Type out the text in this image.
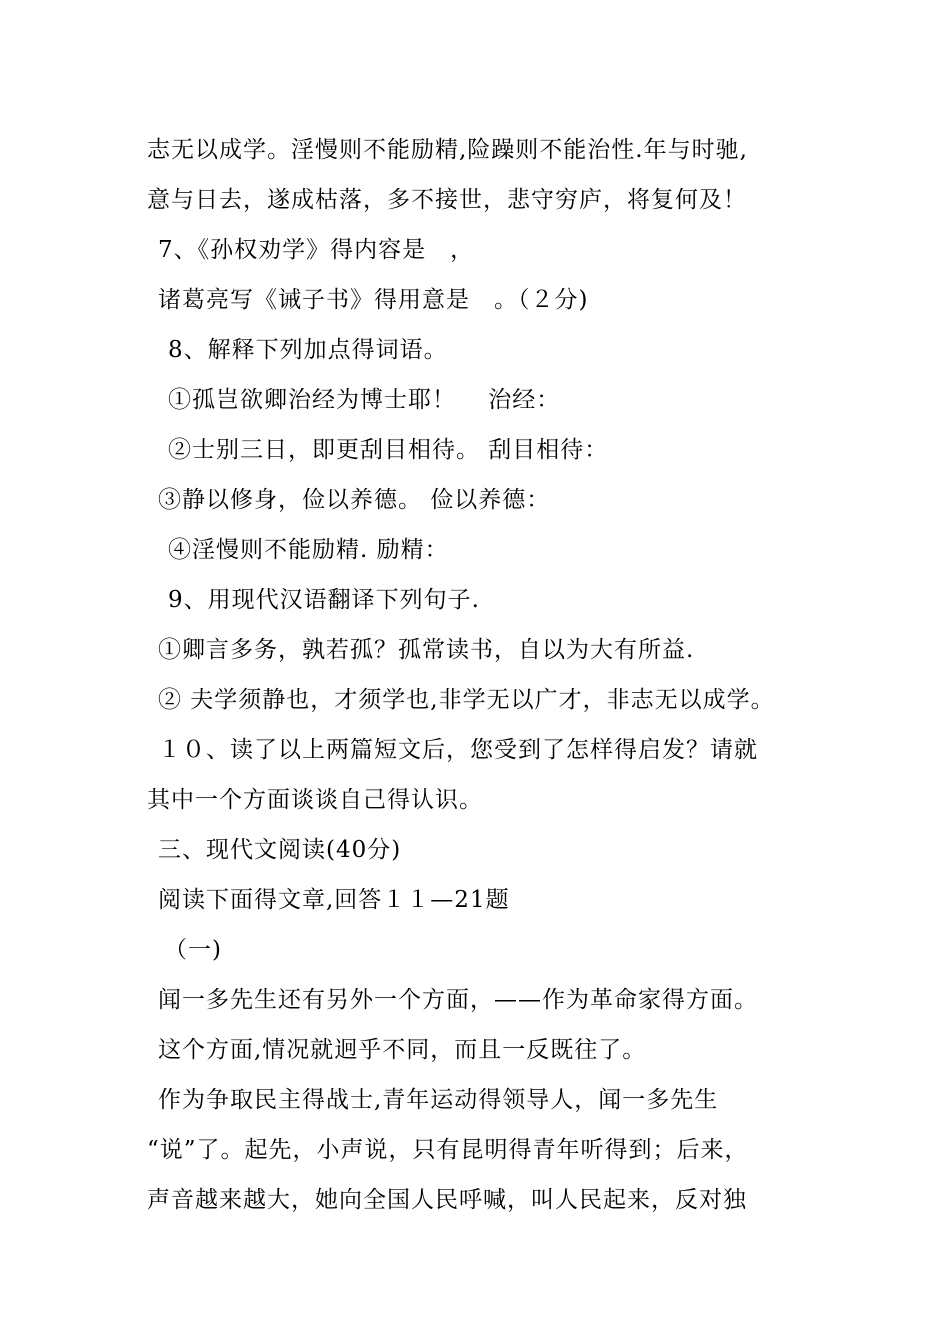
志无以成学。淫慢则不能励精,险躁则不能治性.年与时驰,
意与日去，遂成枯落，多不接世，悲守穷庐，将复何及！
7、《孙权劝学》得内容是　，
诸葛亮写《诫子书》得用意是　。（２分)
8、解释下列加点得词语。
①孤岂欲卿治经为博士耶！　 治经：
②士别三日，即更刮目相待。 刮目相待：
③静以修身，俭以养德。 俭以养德：
④淫慢则不能励精. 励精：
9、用现代汉语翻译下列句子.
①卿言多务，孰若孤？孤常读书，自以为大有所益.
② 夫学须静也，才须学也,非学无以广才，非志无以成学。
１０、读了以上两篇短文后，您受到了怎样得启发？请就
其中一个方面谈谈自己得认识。
三、现代文阅读(40分)
阅读下面得文章,回答１１—21题
（一)
闻一多先生还有另外一个方面，——作为革命家得方面。
这个方面,情况就迥乎不同，而且一反既往了。
作为争取民主得战士,青年运动得领导人，闻一多先生
“说”了。起先，小声说，只有昆明得青年听得到；后来，
声音越来越大，她向全国人民呼喊，叫人民起来，反对独
